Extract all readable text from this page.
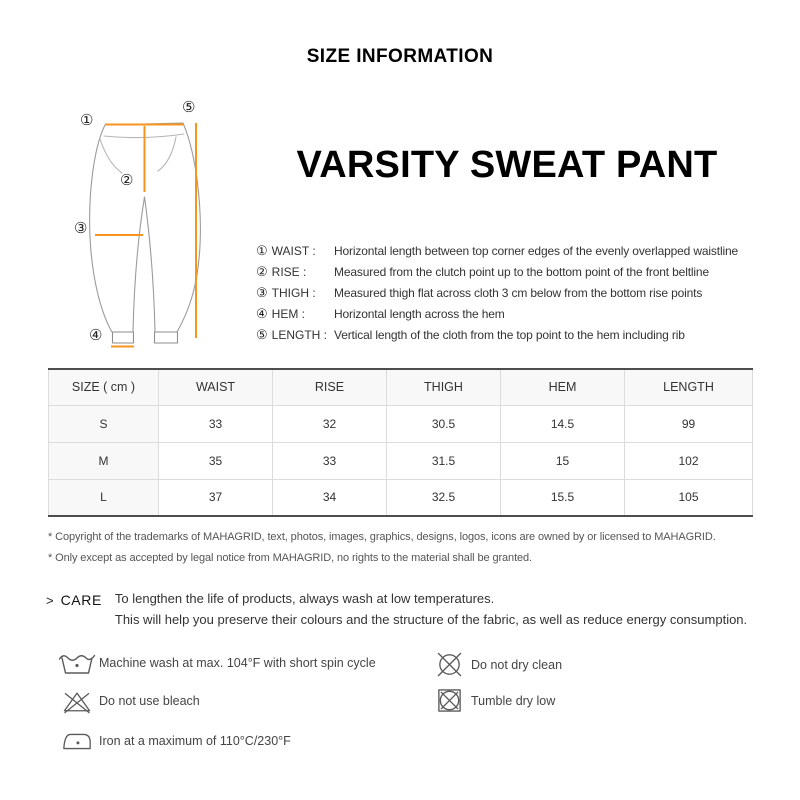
SIZE INFORMATION
VARSITY SWEAT PANT
①
②
③
④
⑤
① WAIST : Horizontal length between top corner edges of the evenly overlapped waistline
② RISE : Measured from the clutch point up to the bottom point of the front beltline
③ THIGH : Measured thigh flat across cloth 3 cm below from the bottom rise points
④ HEM : Horizontal length across the hem
⑤ LENGTH : Vertical length of the cloth from the top point to the hem including rib
SIZE ( cm )	WAIST	RISE	THIGH	HEM	LENGTH
S	33	32	30.5	14.5	99
M	35	33	31.5	15	102
L	37	34	32.5	15.5	105

* Copyright of the trademarks of MAHAGRID, text, photos, images, graphics, designs, logos, icons are owned by or licensed to MAHAGRID.

* Only except as accepted by legal notice from MAHAGRID, no rights to the material shall be granted.

> CARE To lengthen the life of products, always wash at low temperatures.

This will help you preserve their colours and the structure of the fabric, as well as reduce energy consumption.

Machine wash at max. 104°F with short spin cycle
Do not use bleach
Iron at a maximum of 110°C/230°F
Do not dry clean
Tumble dry low
